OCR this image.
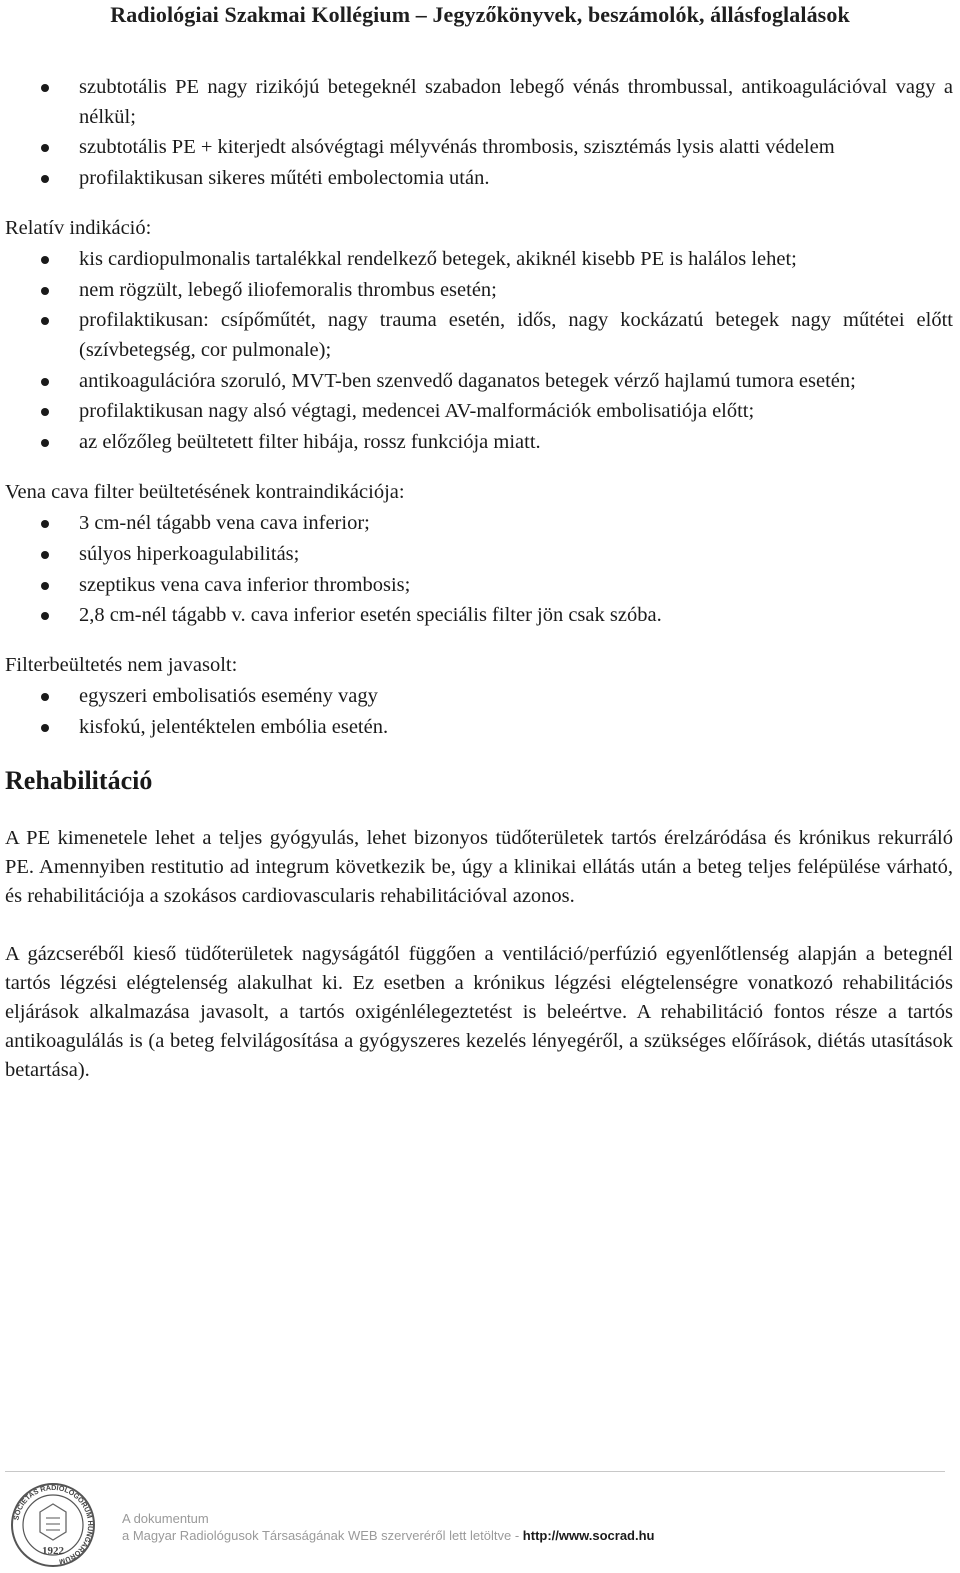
Radiológiai Szakmai Kollégium – Jegyzőkönyvek, beszámolók, állásfoglalások
szubtotális PE nagy rizikójú betegeknél szabadon lebegő vénás thrombussal, antikoagulációval vagy a nélkül;
szubtotális PE + kiterjedt alsóvégtagi mélyvénás thrombosis, szisztémás lysis alatti védelem
profilaktikusan sikeres műtéti embolectomia után.

Relatív indikáció:

kis cardiopulmonalis tartalékkal rendelkező betegek, akiknél kisebb PE is halálos lehet;
nem rögzült, lebegő iliofemoralis thrombus esetén;
profilaktikusan: csípőműtét, nagy trauma esetén, idős, nagy kockázatú betegek nagy műtétei előtt (szívbetegség, cor pulmonale);
antikoagulációra szoruló, MVT-ben szenvedő daganatos betegek vérző hajlamú tumora esetén;
profilaktikusan nagy alsó végtagi, medencei AV-malformációk embolisatiója előtt;
az előzőleg beültetett filter hibája, rossz funkciója miatt.

Vena cava filter beültetésének kontraindikációja:

3 cm-nél tágabb vena cava inferior;
súlyos hiperkoagulabilitás;
szeptikus vena cava inferior thrombosis;
2,8 cm-nél tágabb v. cava inferior esetén speciális filter jön csak szóba.

Filterbeültetés nem javasolt:

egyszeri embolisatiós esemény vagy
kisfokú, jelentéktelen embólia esetén.
Rehabilitáció

A PE kimenetele lehet a teljes gyógyulás, lehet bizonyos tüdőterületek tartós érelzáródása és krónikus rekurráló PE. Amennyiben restitutio ad integrum következik be, úgy a klinikai ellátás után a beteg teljes felépülése várható, és rehabilitációja a szokásos cardiovascularis rehabilitációval azonos.

A gázcseréből kieső tüdőterületek nagyságától függően a ventiláció/perfúzió egyenlőtlenség alapján a betegnél tartós légzési elégtelenség alakulhat ki. Ez esetben a krónikus légzési elégtelenségre vonatkozó rehabilitációs eljárások alkalmazása javasolt, a tartós oxigénlélegeztetést is beleértve. A rehabilitáció fontos része a tartós antikoagulálás is (a beteg felvilágosítása a gyógyszeres kezelés lényegéről, a szükséges előírások, diétás utasítások betartása).

SOCIETAS RADIOLOGORUM HUNGARORUM
1922
A dokumentum
a Magyar Radiológusok Társaságának WEB szerveréről lett letöltve - http://www.socrad.hu
